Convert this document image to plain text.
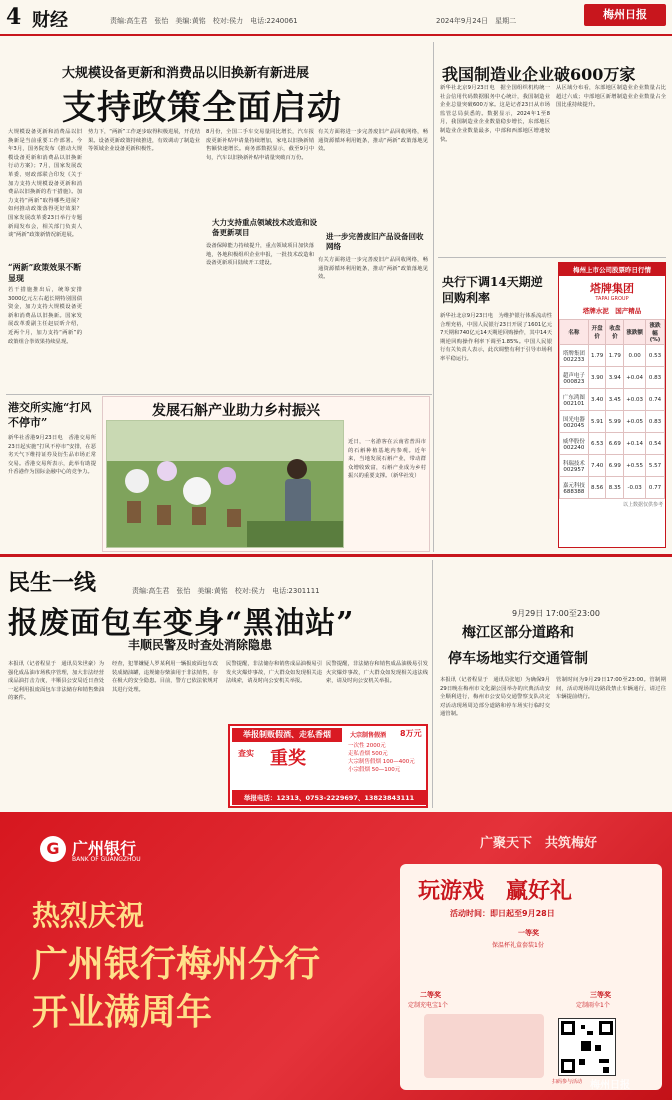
4 财经	责编:高生君　张怡　美编:黄铭　校对:侯力　电话:2240061	2024年9月24日　星期二	梅州日报
大规模设备更新和消费品以旧换新有新进展
支持政策全面启动
大规模设备更新和消费品以旧换新是当前重要工作部署。今年3月，国务院发布《推动大规模设备更新和消费品以旧换新行动方案》；7月，国家发展改革委、财政部联合印发《关于加力支持大规模设备更新和消费品以旧换新的若干措施》。加力支持“两新”取得哪些进展？如何推动政策落得更好效果？国家发展改革委23日举行专题新闻发布会，相关部门负责人谈“两新”政策新情况新进展。
“两新”政策效果不断显现
若干措施推出后，统筹安排3000亿元左右超长期特别国债资金，加力支持大规模设备更新和消费品以旧换新。国家发展改革委副主任赵辰昕介绍，近两个月，加力支持“两新”的政策组合拳效果持续显现。
势力下，“两新”工作逐步取得积极进展，开花结果。设备更新政策持续推进，有效调动了制造业等领域企业设备更新积极性。
8月份，全国二手车交易量同比增长，汽车报废更新补贴申请量持续增加，家电以旧换新销售额快速增长。商务部数据显示，截至9月中旬，汽车以旧换新补贴申请量突破百万份。
大力支持重点领域技术改造和设备更新项目
设备保障能力持续提升，重点领域项目加快落地，各地积极组织企业申报，一批技术改造和设备更新项目陆续开工建设。
有关方面将进一步完善废旧产品回收网络，畅通资源循环利用链条，推动“两新”政策落地见效。
进一步完善废旧产品设备回收网络
有关方面将进一步完善废旧产品回收网络，畅通资源循环利用链条，推动“两新”政策落地见效。
我国制造业企业破600万家
新华社北京9月23日电　据全国组织机构统一社会信用代码数据服务中心统计，我国制造业企业总量突破600万家。这是记者23日从市场监管总局获悉的。数据显示，2024年1至8月，我国制造业企业数量稳步增长，东部地区制造业企业数量最多，中部和西部地区增速较快。
从区域分布看，东部地区制造业企业数量占比超过六成；中部地区新增制造业企业数量占全国比重持续提升。
央行下调14天期逆回购利率
新华社北京9月23日电　为维护银行体系流动性合理充裕，中国人民银行23日开展了1601亿元7天期和740亿元14天期逆回购操作，其中14天期逆回购操作利率下调至1.85%。中国人民银行有关负责人表示，此次调整有利于引导市场利率平稳运行。
梅州上市公司股票昨日行情
塔牌集团
TAPAI GROUP
塔牌水泥　国产精品
名称	开盘价	收盘价	涨跌额	涨跌幅(%)
塔牌集团 002233	1.79	1.79	0.00	0.53
超声电子 000823	3.90	3.94	+0.04	0.83
广东鸿图 002101	3.40	3.45	+0.03	0.74
国光电器 002045	5.91	5.99	+0.05	0.83
威华股份 002240	6.53	6.69	+0.14	0.54
科瑞技术 002957	7.40	6.99	+0.55	5.57
嘉元科技 688388	8.56	8.35	-0.03	0.77
以上数据仅供参考
港交所实施“打风不停市”
新华社香港9月23日电　香港交易所23日起实施“打风不停市”安排，在恶劣天气下维持证券及衍生品市场正常交易。香港交易所表示，此举有助提升香港作为国际金融中心的竞争力。
发展石斛产业助力乡村振兴
近日，一名游客在云南省普洱市的石斛种植基地内参观。近年来，当地发展石斛产业，带动群众增收致富，石斛产业成为乡村振兴的重要支撑。（新华社发）
民生一线	责编:高生君　张怡　美编:黄铭　校对:侯力　电话:2301111
报废面包车变身“黑油站”
丰顺民警及时查处消除隐患
本报讯（记者程显于　通讯员朱世豪）为强化成品油市场秩序管理，加大非法经营成品油打击力度，丰顺县公安局近日查处一起利用报废面包车非法储存和销售柴油的案件。
经查，犯罪嫌疑人罗某利用一辆报废面包车改装成储油罐，违规储存柴油用于非法销售，存在极大的安全隐患。目前，警方已依法依规对其进行处理。
民警提醒，非法储存和销售成品油极易引发火灾爆炸事故，广大群众如发现相关违法线索，请及时向公安机关举报。
民警提醒，非法储存和销售成品油极易引发火灾爆炸事故，广大群众如发现相关违法线索，请及时向公安机关举报。
举报制贩假酒、走私香烟
查实 重奖
大宗制售假酒 8万元
一次性 2000元
走私香烟 500元
大宗制售假烟 100—400元
小宗假烟 50—100元
举报电话：12313、0753-2229697、13823843111
9月29日 17:00至23:00
梅江区部分道路和
停车场地实行交通管制
本报讯（记者程显于　通讯员张旭）为确保9月29日晚在梅州市文化湖公园举办的庆典活动安全顺利进行，梅州市公安局交通警察支队决定对活动现场周边部分道路和停车场实行临时交通管制。
管制时间为9月29日17:00至23:00。管制期间，活动现场周边路段禁止车辆通行，请过往车辆提前绕行。
G 广州银行
BANK OF GUANGZHOU
广聚天下　共筑梅好
热烈庆祝
广州银行梅州分行
开业满周年
玩游戏　赢好礼
活动时间：即日起至9月28日
一等奖
保温杯礼盒套装1份
二等奖
定制充电宝1个
三等奖
定制雨伞1个
扫码参与活动 梅州日报
